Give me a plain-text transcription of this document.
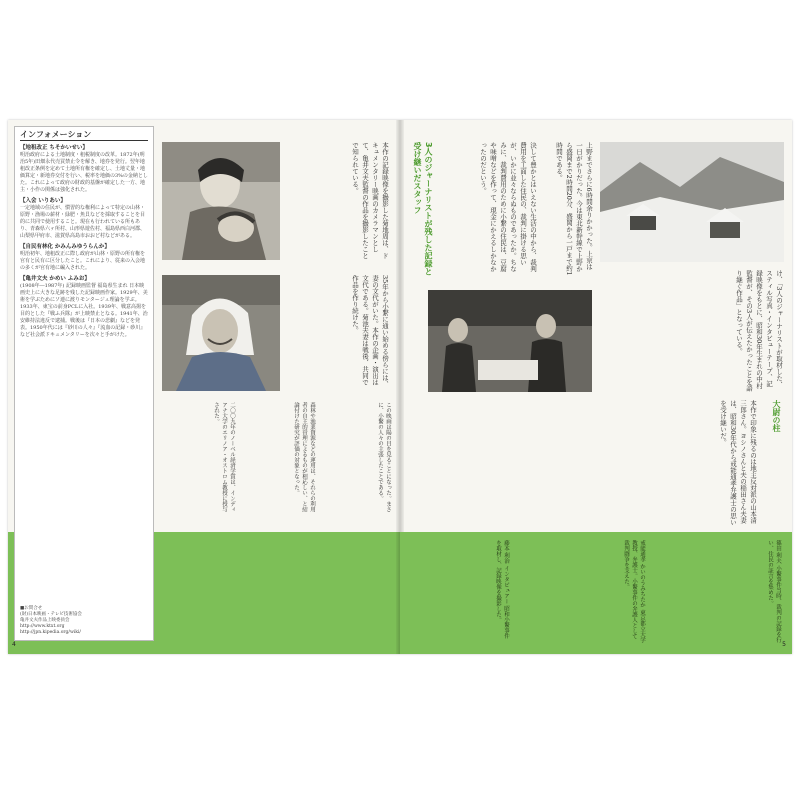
インフォメーション
【地租改正 ちそかいせい】
明治政府による土地制度・租税制度の改革。1872年(明治5年)田畑永代売買禁止令を解き、地券を発行。翌年地租改正条例を定めて土地所有権を確定し、土地丈量・地価算定・新地券交付を行い、税率を地価の3%の金納とした。これによって政府の財政的基盤が確定した一方、地主・小作の関係は強化された。
【入会 いりあい】
一定地域の住民が、慣習的な権利によって特定の山林・原野・漁場の薪材・緑肥・魚貝などを採取することを目的に共同で使用すること。現在も行われている所もあり、青森県六ヶ所村、山形県遊佐村、福島県西白河郡、山梨県甲府市、滋賀県高島市おおど村などがある。
【自民有林化 かみんみゆうらんか】
明治初年、地租改正に際し政府が山林・原野の所有権を官有と民有に区分したこと。これにより、従来の入会地の多くが官有地に編入された。
【亀井文夫 かめい ふみお】
(1908年―1987年) 記録映画監督 福島県生まれ 日本映画史上に大きな足跡を残した記録映画作家。1929年、美術を学ぶためにソ連に渡りモンタージュ理論を学ぶ。1933年、東宝の前身PCLに入社。1939年、戦意高揚を目的とした『戦ふ兵隊』が上映禁止となる。1941年、治安維持法違反で逮捕。戦後は『日本の悲劇』などを発表。1950年代には『砂川の人々』『流血の記録・砂川』など社会派ドキュメンタリーを次々と手がけた。
■お問合せ
(財)日本映画・テレビ技術協会
亀井文夫作品上映委員会
http://www.ktxt.org
http://jpn.kipedia.org/wiki/
本作の記録映像を撮影した菊地周は、ドキュメンタリー映画のカメラマンとして、亀井文夫監督の作品を撮影したことで知られている。
35年から小繋に通い始める傍らには、妻の文代がいた。本作の企画・演出は文代である。菊池夫妻は戦後、共同で作品を作り続けた。
二〇〇九年のノーベル経済学賞は、インディアナ大学のエリノア・オストロム教授に授与された。	森林や漁業資源などの運用は、それらの利用者の自主的管理によるものが相応しい、と結論付けた研究が評価の対象となった。	この映画は陽の目を見ることになった。まさに、小繋の人々の主張したことである。
4
3人のジャーナリストが残した記録と受け継いだスタッフ	決して豊かとはいえない生活の中から、裁判費用を工面した住民の、裁判に掛ける思いが、いかに並々ならぬものであったか。ちなみに、裁判費用のために小繋の住民は、豆腐や味噌などを作って、現金にかえるしかなかったのだという。	上野までさらに6時間余りかかった。上京は一日がかりだった。今は東北新幹線で上野から盛岡まで2時間20分、盛岡から一戸まで約1時間である。
け、「3人のジャーナリストが取材した、スティル写真・インタビューテープ、記録映像をもとに、昭和30年生まれの中村監督が、その3人が伝えたかったことを語り継ぐ作品」となっている。
大尉の柱
本作で印象に残るのは地主反対派の山本清三郎さん。ヨシノさんと夫の稲田さん夫妻は、昭和30年代から戒能通孝弁護士の思いを受け継いだ。
藤本 利治 インタビュアー 昭和小繋事件を取材し、記録映像を撮影した。	戒能通孝 かいのうみちたか 東京都立大学教授、弁護士。小繋事件の弁護人として裁判闘争を支えた。	篠田 利夫 小繋事件当時、裁判の記録を行い、住民の証言を集めた。
5
